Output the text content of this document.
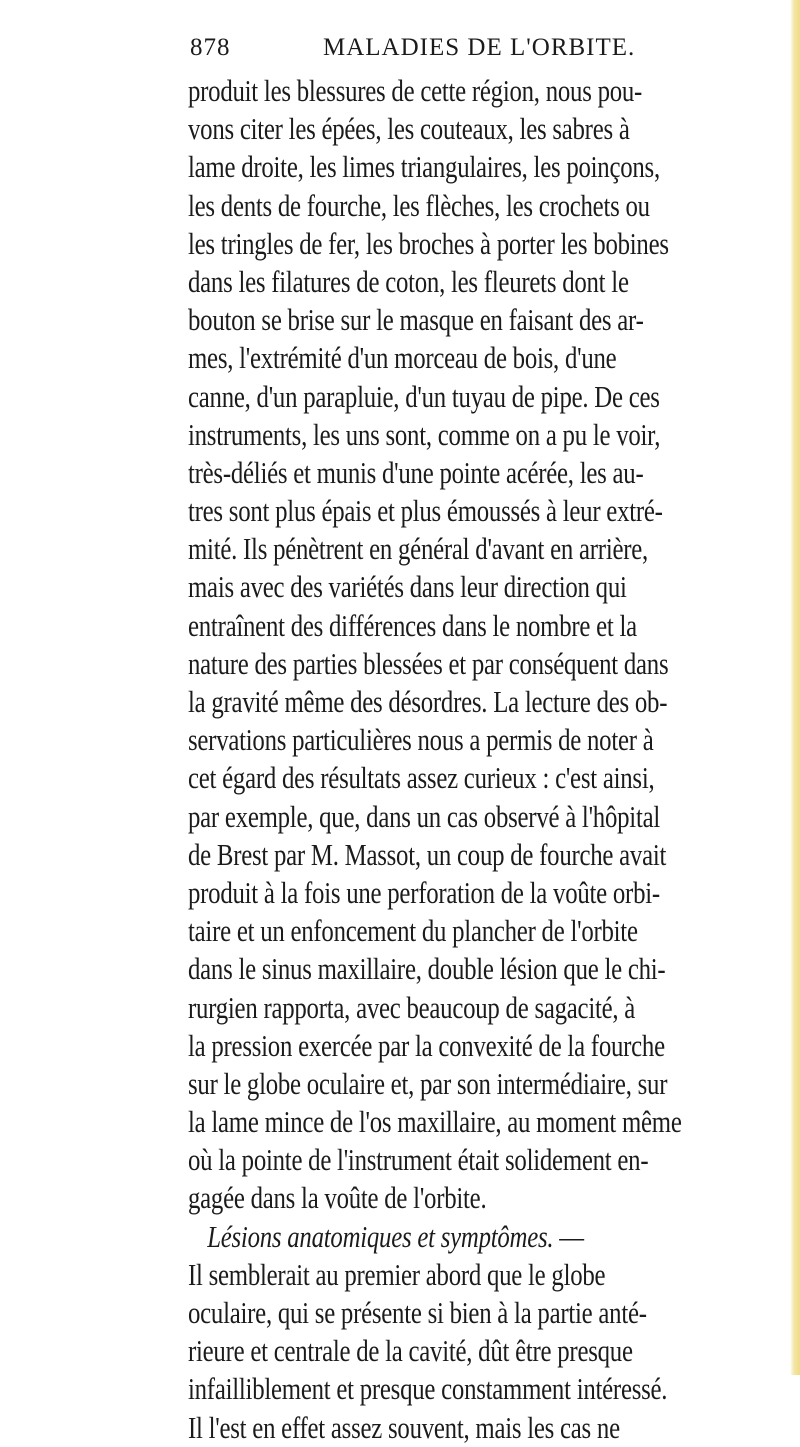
878	MALADIES DE L'ORBITE.
produit les blessures de cette région, nous pou-
vons citer les épées, les couteaux, les sabres à
lame droite, les limes triangulaires, les poinçons,
les dents de fourche, les flèches, les crochets ou
les tringles de fer, les broches à porter les bobines
dans les filatures de coton, les fleurets dont le
bouton se brise sur le masque en faisant des ar-
mes, l'extrémité d'un morceau de bois, d'une
canne, d'un parapluie, d'un tuyau de pipe. De ces
instruments, les uns sont, comme on a pu le voir,
très-déliés et munis d'une pointe acérée, les au-
tres sont plus épais et plus émoussés à leur extré-
mité. Ils pénètrent en général d'avant en arrière,
mais avec des variétés dans leur direction qui
entraînent des différences dans le nombre et la
nature des parties blessées et par conséquent dans
la gravité même des désordres. La lecture des ob-
servations particulières nous a permis de noter à
cet égard des résultats assez curieux : c'est ainsi,
par exemple, que, dans un cas observé à l'hôpital
de Brest par M. Massot, un coup de fourche avait
produit à la fois une perforation de la voûte orbi-
taire et un enfoncement du plancher de l'orbite
dans le sinus maxillaire, double lésion que le chi-
rurgien rapporta, avec beaucoup de sagacité, à
la pression exercée par la convexité de la fourche
sur le globe oculaire et, par son intermédiaire, sur
la lame mince de l'os maxillaire, au moment même
où la pointe de l'instrument était solidement en-
gagée dans la voûte de l'orbite.
Lésions anatomiques et symptômes. —
Il semblerait au premier abord que le globe
oculaire, qui se présente si bien à la partie anté-
rieure et centrale de la cavité, dût être presque
infailliblement et presque constamment intéressé.
Il l'est en effet assez souvent, mais les cas ne
